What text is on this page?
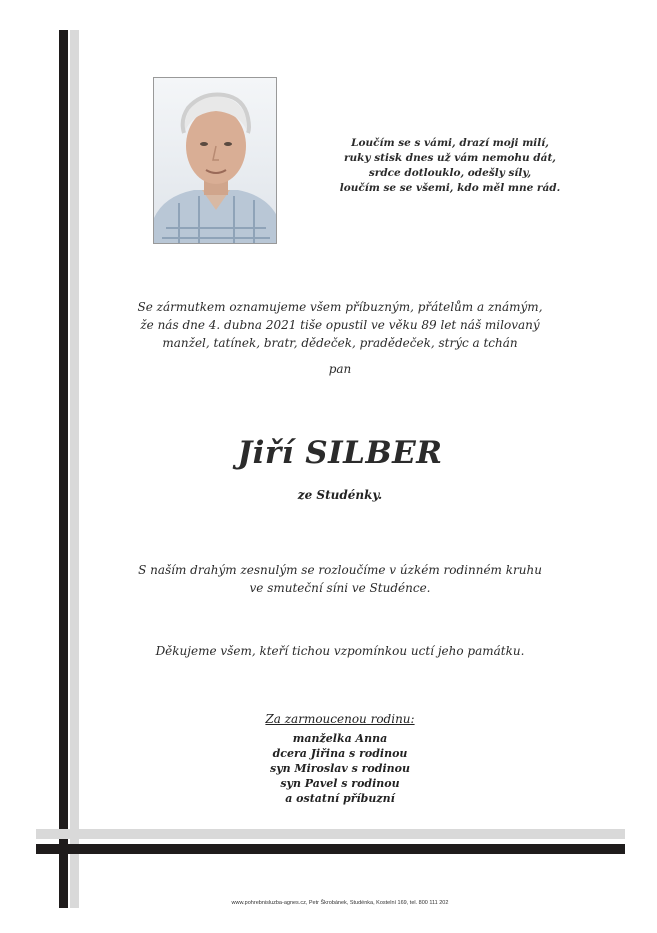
Loučím se s vámi, drazí moji milí,
ruky stisk dnes už vám nemohu dát,
srdce dotlouklo, odešly síly,
loučím se se všemi, kdo měl mne rád.
Se zármutkem oznamujeme všem příbuzným, přátelům a známým,
že nás dne 4. dubna 2021 tiše opustil ve věku 89 let náš milovaný
manžel, tatínek, bratr, dědeček, pradědeček, strýc a tchán
pan
Jiří SILBER
ze Studénky.
S naším drahým zesnulým se rozloučíme v úzkém rodinném kruhu
ve smuteční síni ve Studénce.
Děkujeme všem, kteří tichou vzpomínkou uctí jeho památku.
Za zarmoucenou rodinu:
manželka Anna
dcera Jiřina s rodinou
syn Miroslav s rodinou
syn Pavel s rodinou
a ostatní příbuzní
www.pohrebnisluzba-agnes.cz, Petr Škrobánek, Studénka, Kostelní 169, tel. 800 111 202
